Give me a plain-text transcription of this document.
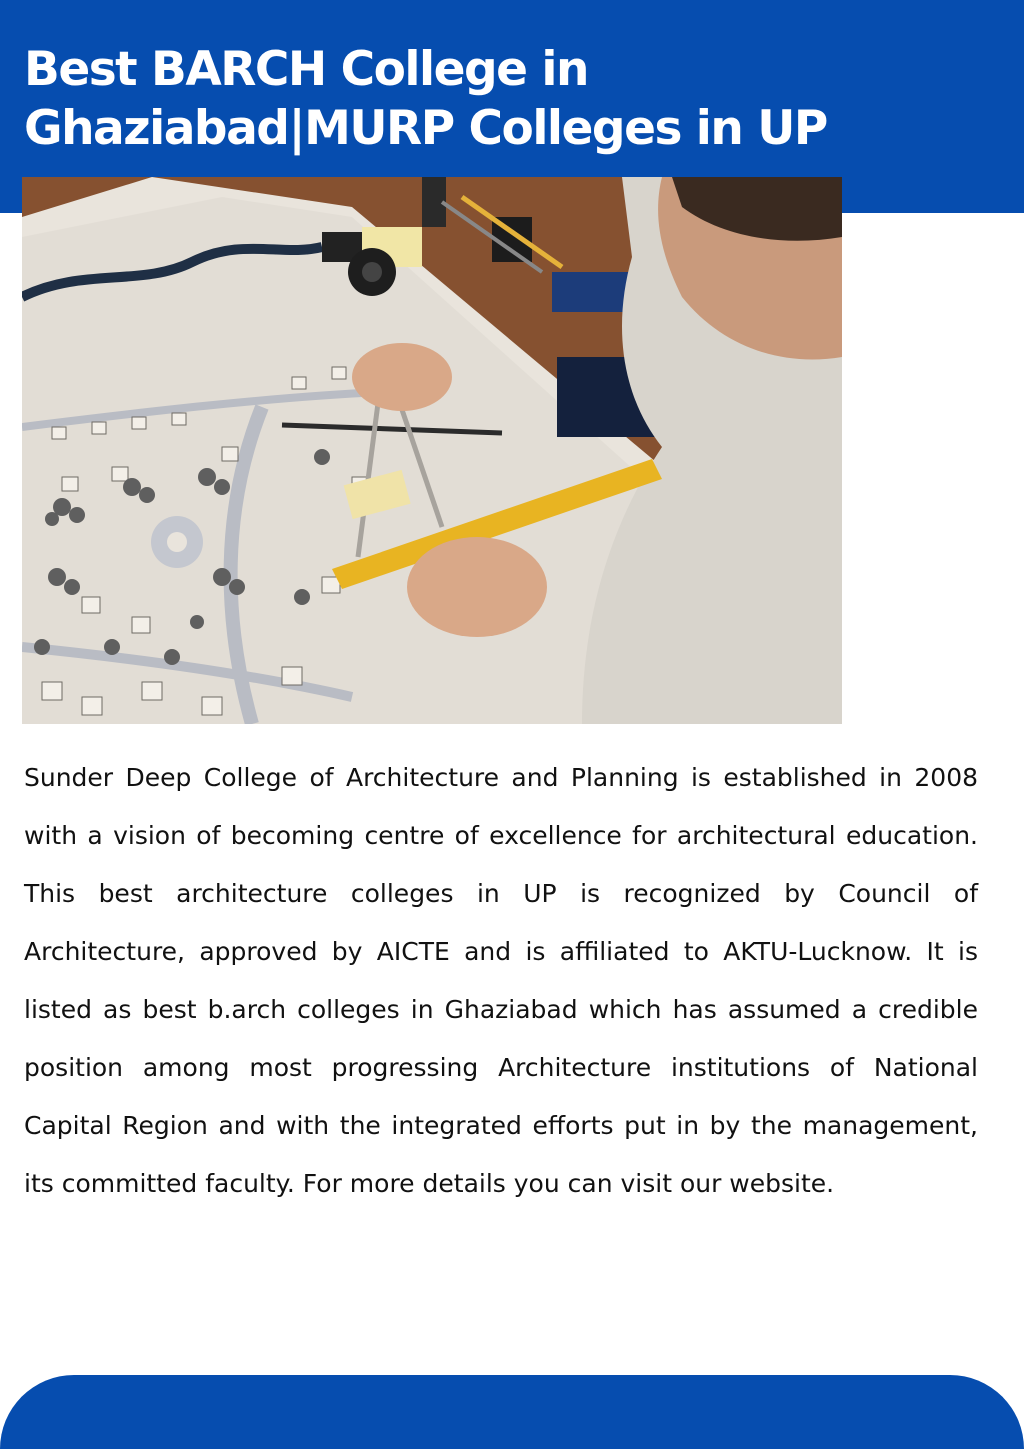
Best BARCH College in
Ghaziabad|MURP Colleges in UP

Sunder Deep College of Architecture and Planning is established in 2008 with a vision of becoming centre of excellence for architectural education. This best architecture colleges in UP is recognized by Council of Architecture, approved by AICTE and is affiliated to AKTU-Lucknow. It is listed as best b.arch colleges in Ghaziabad which has assumed a credible position among most progressing Architecture institutions of National Capital Region and with the integrated efforts put in by the management, its committed faculty. For more details you can visit our website.
